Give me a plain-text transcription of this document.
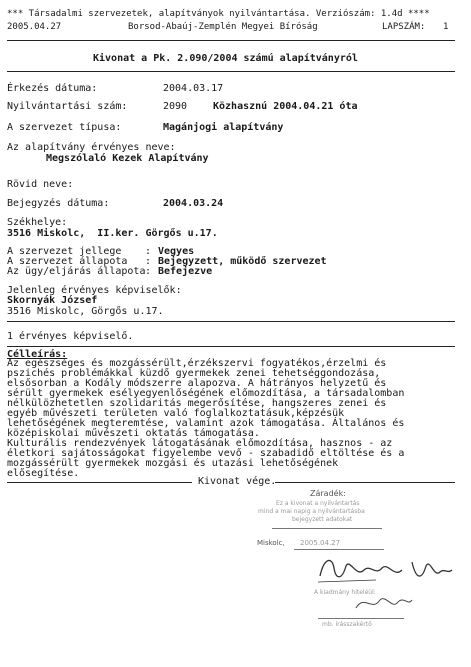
*** Társadalmi szervezetek, alapítványok nyilvántartása. Verziószám: 1.4d ****
2005.04.27	Borsod-Abaúj-Zemplén Megyei Bíróság	LAPSZÁM: 1
Kivonat a Pk. 2.090/2004 számú alapítványról
Érkezés dátuma:	2004.03.17
Nyilvántartási szám:	2090	Közhasznú 2004.04.21 óta
A szervezet típusa:	Magánjogi alapítvány
Az alapítvány érvényes neve:
Megszólaló Kezek Alapítvány
Rövid neve:
Bejegyzés dátuma:	2004.03.24
Székhelye:
3516 Miskolc,  II.ker. Görgős u.17.
A szervezet jellege : Vegyes
A szervezet állapota : Bejegyzett, működő szervezet
Az ügy/eljárás állapota : Befejezve
Jelenleg érvényes képviselők:
Skornyák József
3516 Miskolc, Görgős u.17.
1 érvényes képviselő.
Célleírás:
Az egészséges és mozgássérült,érzékszervi fogyatékos,érzelmi és
pszichés problémákkal küzdő gyermekek zenei tehetséggondozása,
elsősorban a Kodály módszerre alapozva. A hátrányos helyzetű és
sérült gyermekek esélyegyenlőségének előmozdítása, a társadalomban
nélkülözhetetlen szolidaritás megerősítése, hangszeres zenei és
egyéb művészeti területen való foglalkoztatásuk,képzésük
lehetőségének megteremtése, valamint azok támogatása. Általános és
középiskolai művészeti oktatás támogatása.
Kulturális rendezvények látogatásának előmozdítása, hasznos - az
életkori sajátosságokat figyelembe vevő - szabadidő eltöltése és a
mozgássérült gyermekek mozgási és utazási lehetőségének
elősegítése.
Kivonat vége.
Záradék:
Ez a kivonat a nyilvántartás
mind a mai napig a nyilvántartásba
bejegyzett adatokat
Miskolc, 2005.04.27
A kiadmány hiteléül:
mb. írásszakértő
